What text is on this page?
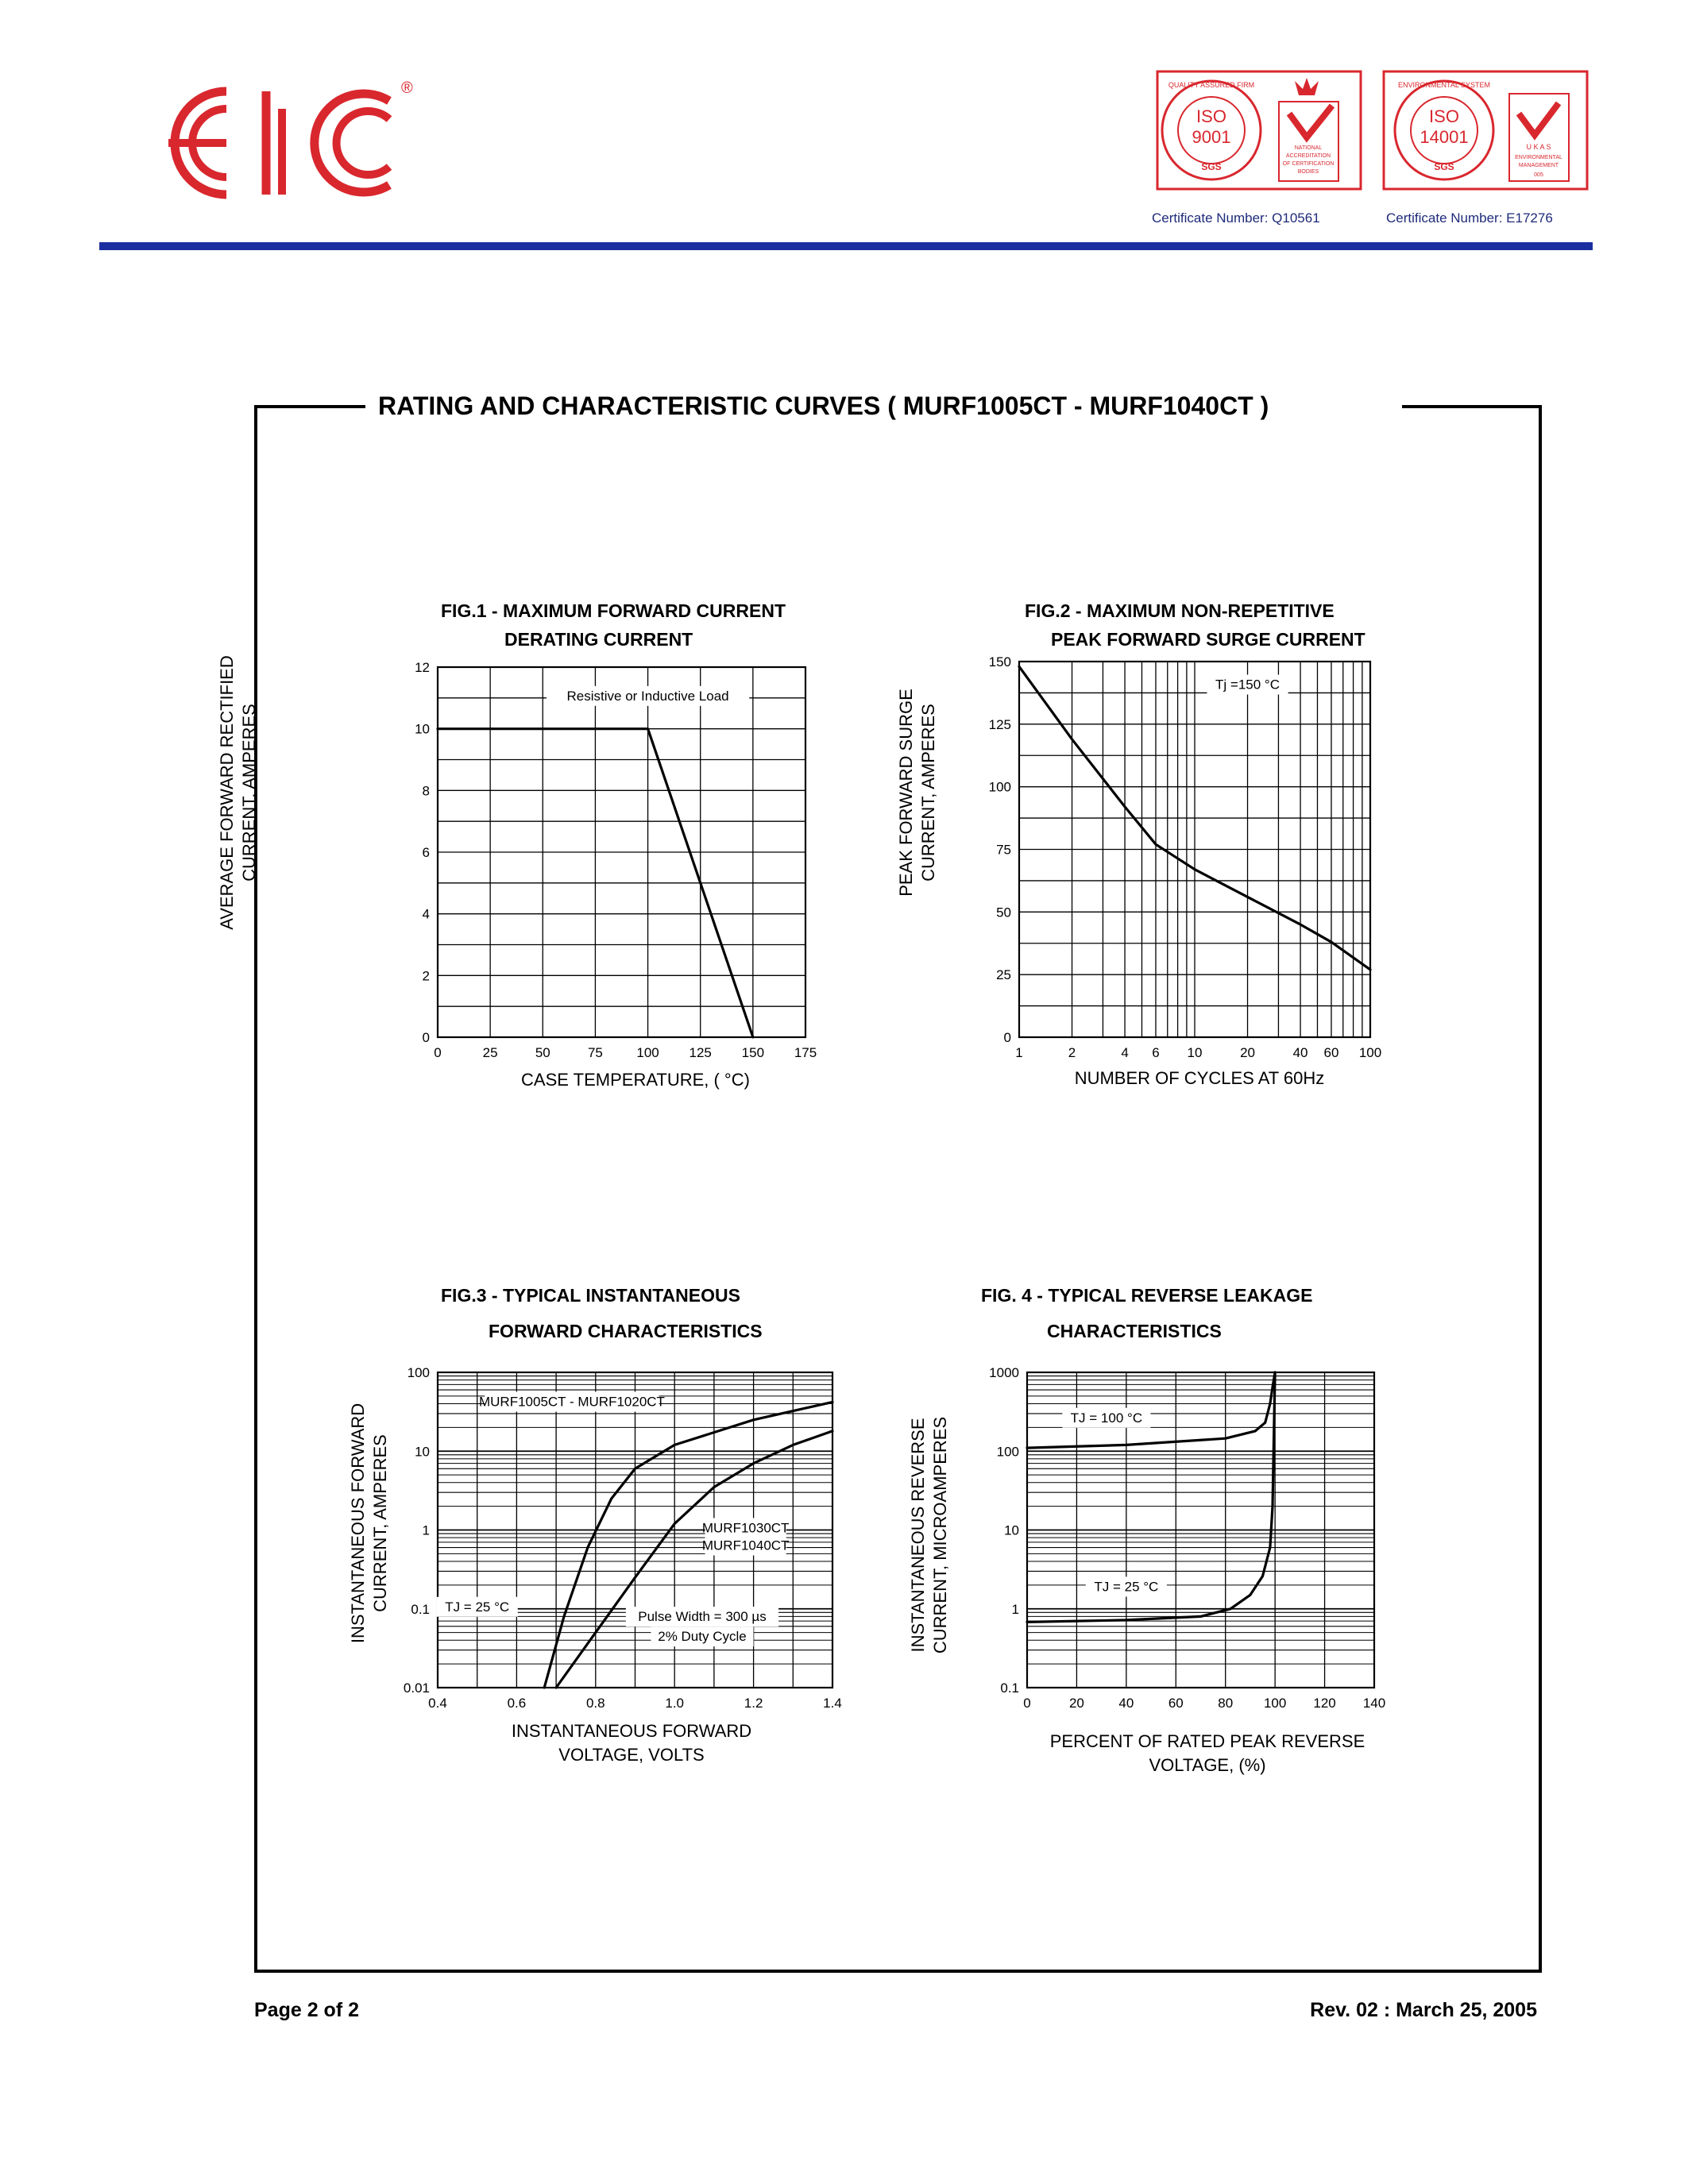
®
ISO
9001
SGS
QUALITY ASSURED FIRM
NATIONAL
ACCREDITATION
OF CERTIFICATION
BODIES
Certificate Number: Q10561
ISO
14001
SGS
ENVIRONMENTAL SYSTEM
U K A S
ENVIRONMENTAL
MANAGEMENT
005
Certificate Number: E17276
RATING AND CHARACTERISTIC CURVES ( MURF1005CT - MURF1040CT )
FIG.1 - MAXIMUM FORWARD CURRENT
DERATING CURRENT
FIG.2 - MAXIMUM NON-REPETITIVE
PEAK FORWARD SURGE CURRENT
FIG.3 - TYPICAL INSTANTANEOUS
FORWARD CHARACTERISTICS
FIG. 4 - TYPICAL REVERSE LEAKAGE
CHARACTERISTICS
AVERAGE FORWARD RECTIFIED CURRENT, AMPERES	PEAK FORWARD SURGE CURRENT, AMPERES
INSTANTANEOUS FORWARD CURRENT, AMPERES	INSTANTANEOUS REVERSE CURRENT, MICROAMPERES
CASE TEMPERATURE, ( °C)	NUMBER OF CYCLES AT 60Hz
INSTANTANEOUS FORWARD
VOLTAGE, VOLTS
PERCENT OF RATED PEAK REVERSE
VOLTAGE, (%)
0	25	50	75 100 125 150 175
0
2
4
6
8
10
12
Resistive or Inductive Load
1	2	4 6 10	20	40 60 100
0
25
50
75
100
125
150
Tj =150 °C
0.4	0.6	0.8	1.0	1.2	1.4
0.01
0.1
1
10
100
MURF1005CT - MURF1020CT
MURF1030CT
MURF1040CT
TJ = 25 °C
Pulse Width = 300 µs
2% Duty Cycle
0	20	40	60	80 100 120 140
0.1
1
10
100
1000
TJ = 100 °C
TJ = 25 °C
Page 2 of 2	Rev. 02 : March 25, 2005
